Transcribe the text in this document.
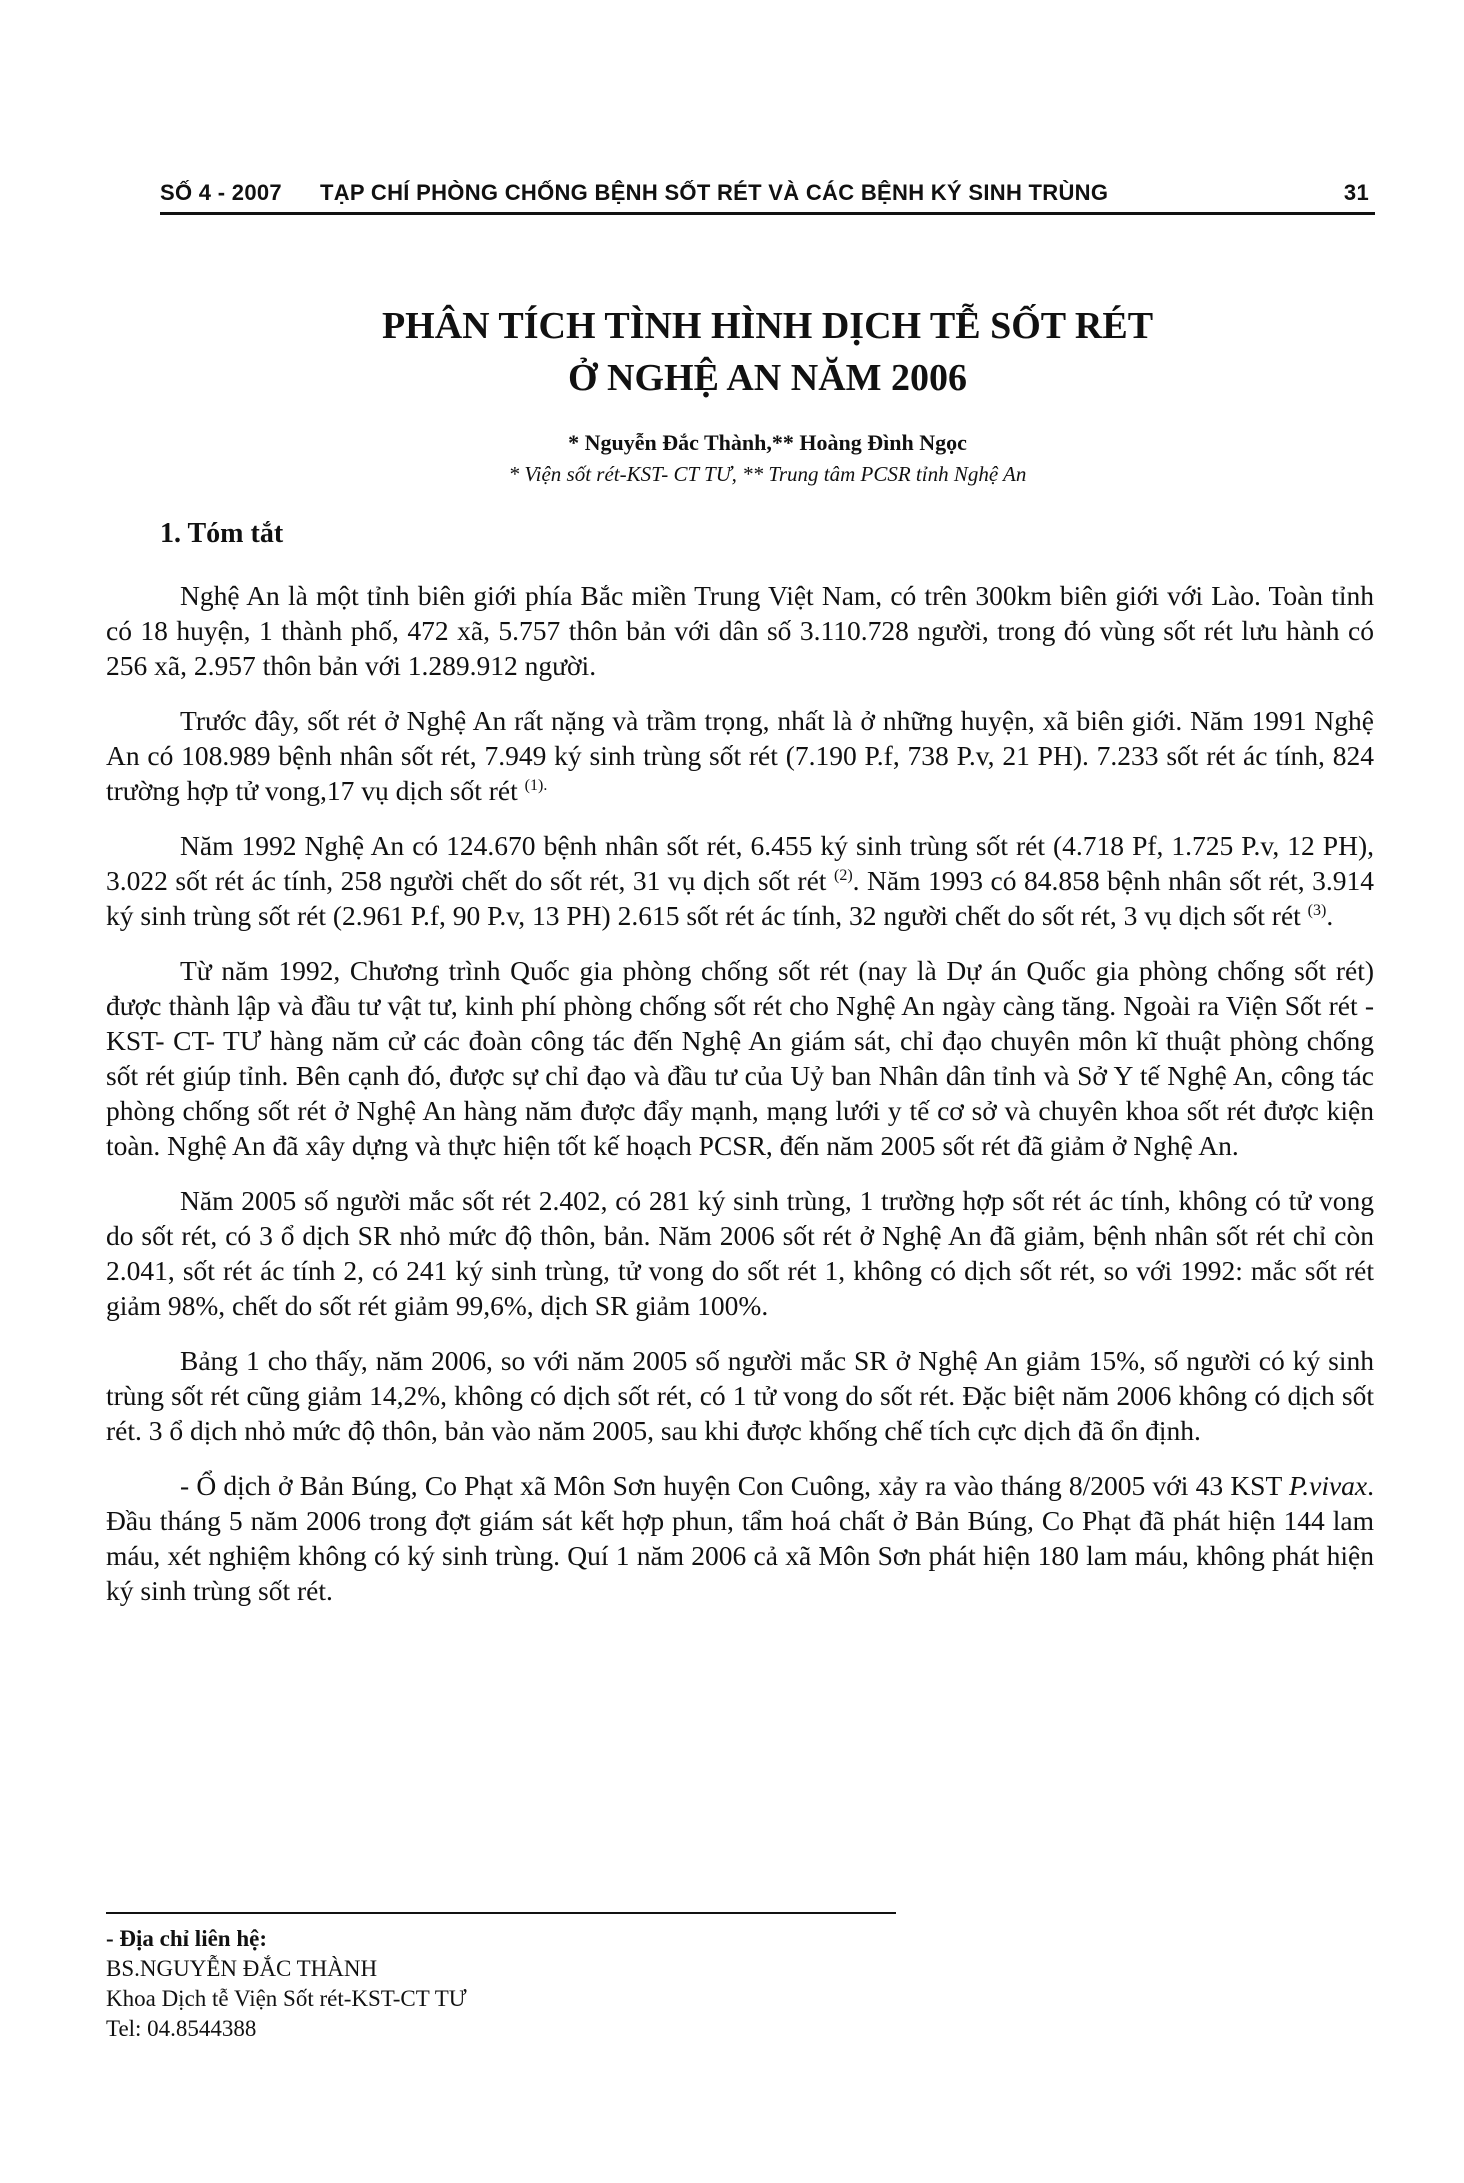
SỐ 4 - 2007 TẠP CHÍ PHÒNG CHỐNG BỆNH SỐT RÉT VÀ CÁC BỆNH KÝ SINH TRÙNG	31
PHÂN TÍCH TÌNH HÌNH DỊCH TỄ SỐT RÉT
Ở NGHỆ AN NĂM 2006
* Nguyễn Đắc Thành,** Hoàng Đình Ngọc
* Viện sốt rét-KST- CT TƯ, ** Trung tâm PCSR tỉnh Nghệ An
1. Tóm tắt

Nghệ An là một tỉnh biên giới phía Bắc miền Trung Việt Nam, có trên 300km biên giới với Lào. Toàn tỉnh có 18 huyện, 1 thành phố, 472 xã, 5.757 thôn bản với dân số 3.110.728 người, trong đó vùng sốt rét lưu hành có 256 xã, 2.957 thôn bản với 1.289.912 người.

Trước đây, sốt rét ở Nghệ An rất nặng và trầm trọng, nhất là ở những huyện, xã biên giới. Năm 1991 Nghệ An có 108.989 bệnh nhân sốt rét, 7.949 ký sinh trùng sốt rét (7.190 P.f, 738 P.v, 21 PH). 7.233 sốt rét ác tính, 824 trường hợp tử vong,17 vụ dịch sốt rét $^{(1).}$

Năm 1992 Nghệ An có 124.670 bệnh nhân sốt rét, 6.455 ký sinh trùng sốt rét (4.718 Pf, 1.725 P.v, 12 PH), 3.022 sốt rét ác tính, 258 người chết do sốt rét, 31 vụ dịch sốt rét $^{(2)}$. Năm 1993 có 84.858 bệnh nhân sốt rét, 3.914 ký sinh trùng sốt rét (2.961 P.f, 90 P.v, 13 PH) 2.615 sốt rét ác tính, 32 người chết do sốt rét, 3 vụ dịch sốt rét $^{(3)}$.

Từ năm 1992, Chương trình Quốc gia phòng chống sốt rét (nay là Dự án Quốc gia phòng chống sốt rét) được thành lập và đầu tư vật tư, kinh phí phòng chống sốt rét cho Nghệ An ngày càng tăng. Ngoài ra Viện Sốt rét - KST- CT- TƯ hàng năm cử các đoàn công tác đến Nghệ An giám sát, chỉ đạo chuyên môn kĩ thuật phòng chống sốt rét giúp tỉnh. Bên cạnh đó, được sự chỉ đạo và đầu tư của Uỷ ban Nhân dân tỉnh và Sở Y tế Nghệ An, công tác phòng chống sốt rét ở Nghệ An hàng năm được đẩy mạnh, mạng lưới y tế cơ sở và chuyên khoa sốt rét được kiện toàn. Nghệ An đã xây dựng và thực hiện tốt kế hoạch PCSR, đến năm 2005 sốt rét đã giảm ở Nghệ An.

Năm 2005 số người mắc sốt rét 2.402, có 281 ký sinh trùng, 1 trường hợp sốt rét ác tính, không có tử vong do sốt rét, có 3 ổ dịch SR nhỏ mức độ thôn, bản. Năm 2006 sốt rét ở Nghệ An đã giảm, bệnh nhân sốt rét chỉ còn 2.041, sốt rét ác tính 2, có 241 ký sinh trùng, tử vong do sốt rét 1, không có dịch sốt rét, so với 1992: mắc sốt rét giảm 98%, chết do sốt rét giảm 99,6%, dịch SR giảm 100%.

Bảng 1 cho thấy, năm 2006, so với năm 2005 số người mắc SR ở Nghệ An giảm 15%, số người có ký sinh trùng sốt rét cũng giảm 14,2%, không có dịch sốt rét, có 1 tử vong do sốt rét. Đặc biệt năm 2006 không có dịch sốt rét. 3 ổ dịch nhỏ mức độ thôn, bản vào năm 2005, sau khi được khống chế tích cực dịch đã ổn định.

- Ổ dịch ở Bản Búng, Co Phạt xã Môn Sơn huyện Con Cuông, xảy ra vào tháng 8/2005 với 43 KST P.vivax. Đầu tháng 5 năm 2006 trong đợt giám sát kết hợp phun, tẩm hoá chất ở Bản Búng, Co Phạt đã phát hiện 144 lam máu, xét nghiệm không có ký sinh trùng. Quí 1 năm 2006 cả xã Môn Sơn phát hiện 180 lam máu, không phát hiện ký sinh trùng sốt rét.

- Địa chỉ liên hệ:
BS.NGUYỄN ĐẮC THÀNH
Khoa Dịch tễ Viện Sốt rét-KST-CT TƯ
Tel: 04.8544388
